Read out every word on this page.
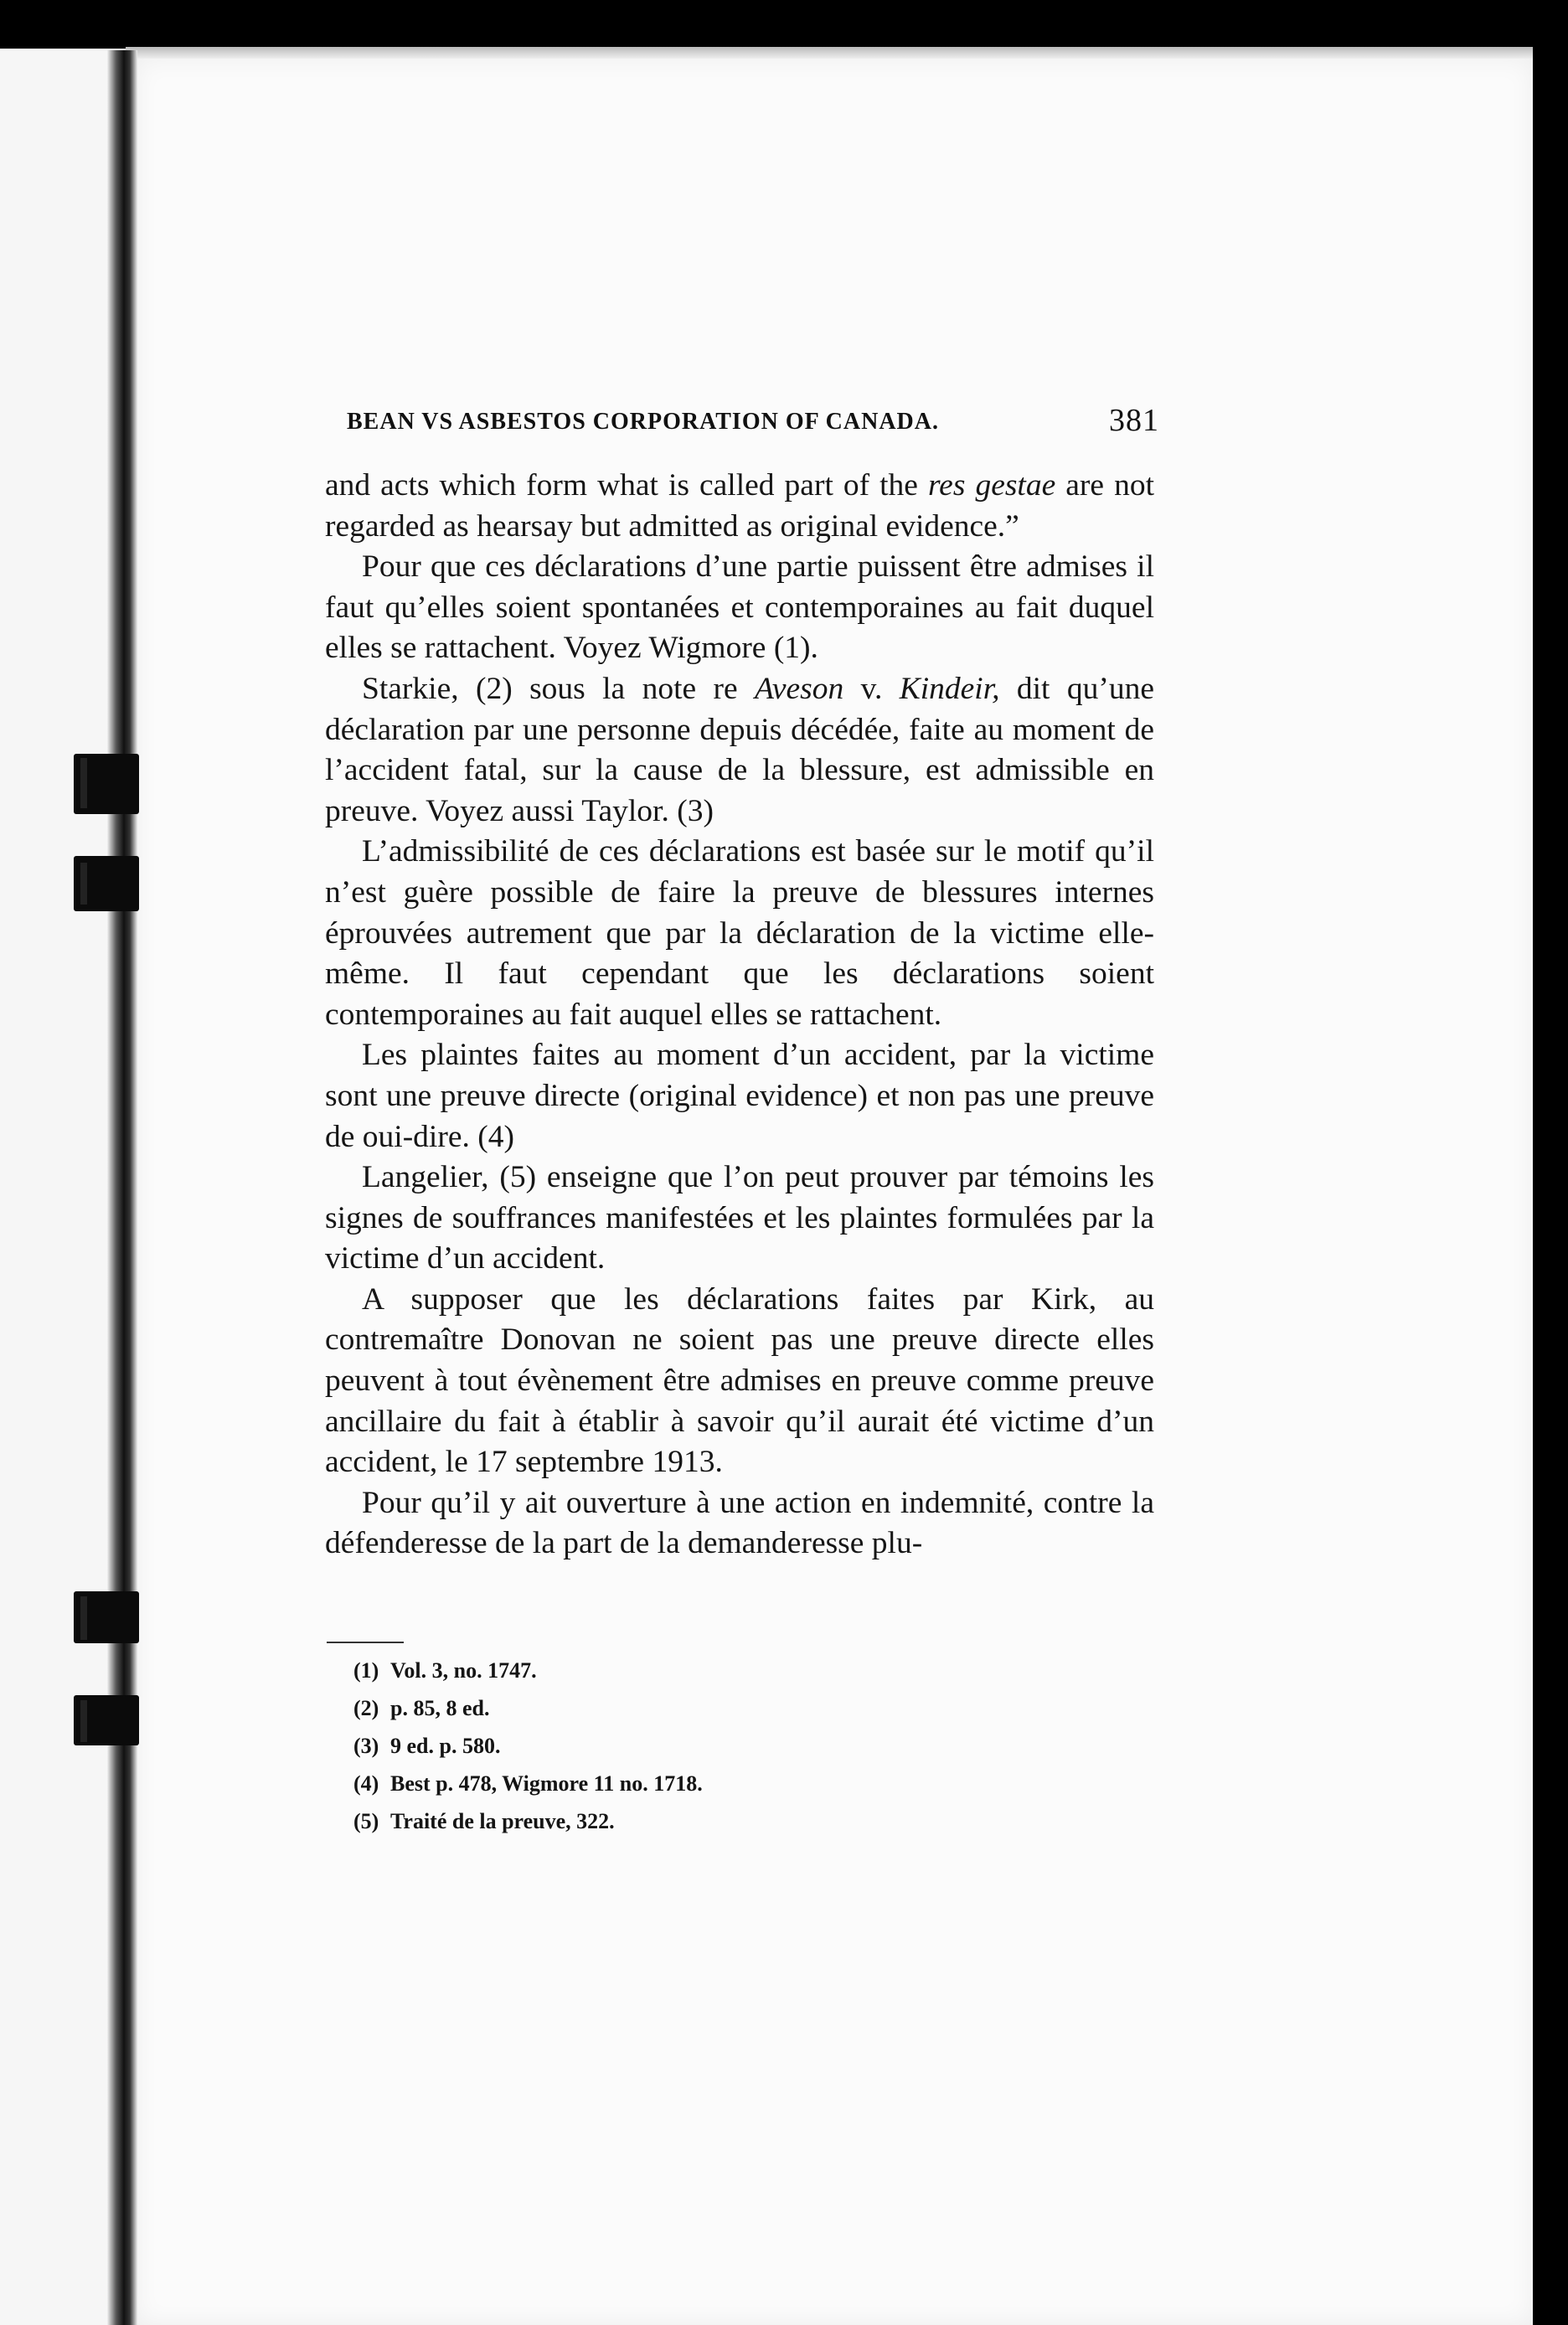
BEAN VS ASBESTOS CORPORATION OF CANADA.	381

and acts which form what is called part of the res gestae are not regarded as hearsay but admitted as original evidence.”

Pour que ces déclarations d’une partie puissent être admises il faut qu’elles soient spontanées et contemporaines au fait duquel elles se rattachent. Voyez Wigmore (1).

Starkie, (2) sous la note re Aveson v. Kindeir, dit qu’une déclaration par une personne depuis décédée, faite au moment de l’accident fatal, sur la cause de la blessure, est admissible en preuve. Voyez aussi Taylor. (3)

L’admissibilité de ces déclarations est basée sur le motif qu’il n’est guère possible de faire la preuve de blessures internes éprouvées autrement que par la déclaration de la victime elle-même. Il faut cependant que les déclarations soient contemporaines au fait auquel elles se rattachent.

Les plaintes faites au moment d’un accident, par la victime sont une preuve directe (original evidence) et non pas une preuve de oui-dire. (4)

Langelier, (5) enseigne que l’on peut prouver par témoins les signes de souffrances manifestées et les plaintes formulées par la victime d’un accident.

A supposer que les déclarations faites par Kirk, au contremaître Donovan ne soient pas une preuve directe elles peuvent à tout évènement être admises en preuve comme preuve ancillaire du fait à établir à savoir qu’il aurait été victime d’un accident, le 17 septembre 1913.

Pour qu’il y ait ouverture à une action en indemnité, contre la défenderesse de la part de la demanderesse plu-

(1) Vol. 3, no. 1747.
(2) p. 85, 8 ed.
(3) 9 ed. p. 580.
(4) Best p. 478, Wigmore 11 no. 1718.
(5) Traité de la preuve, 322.
